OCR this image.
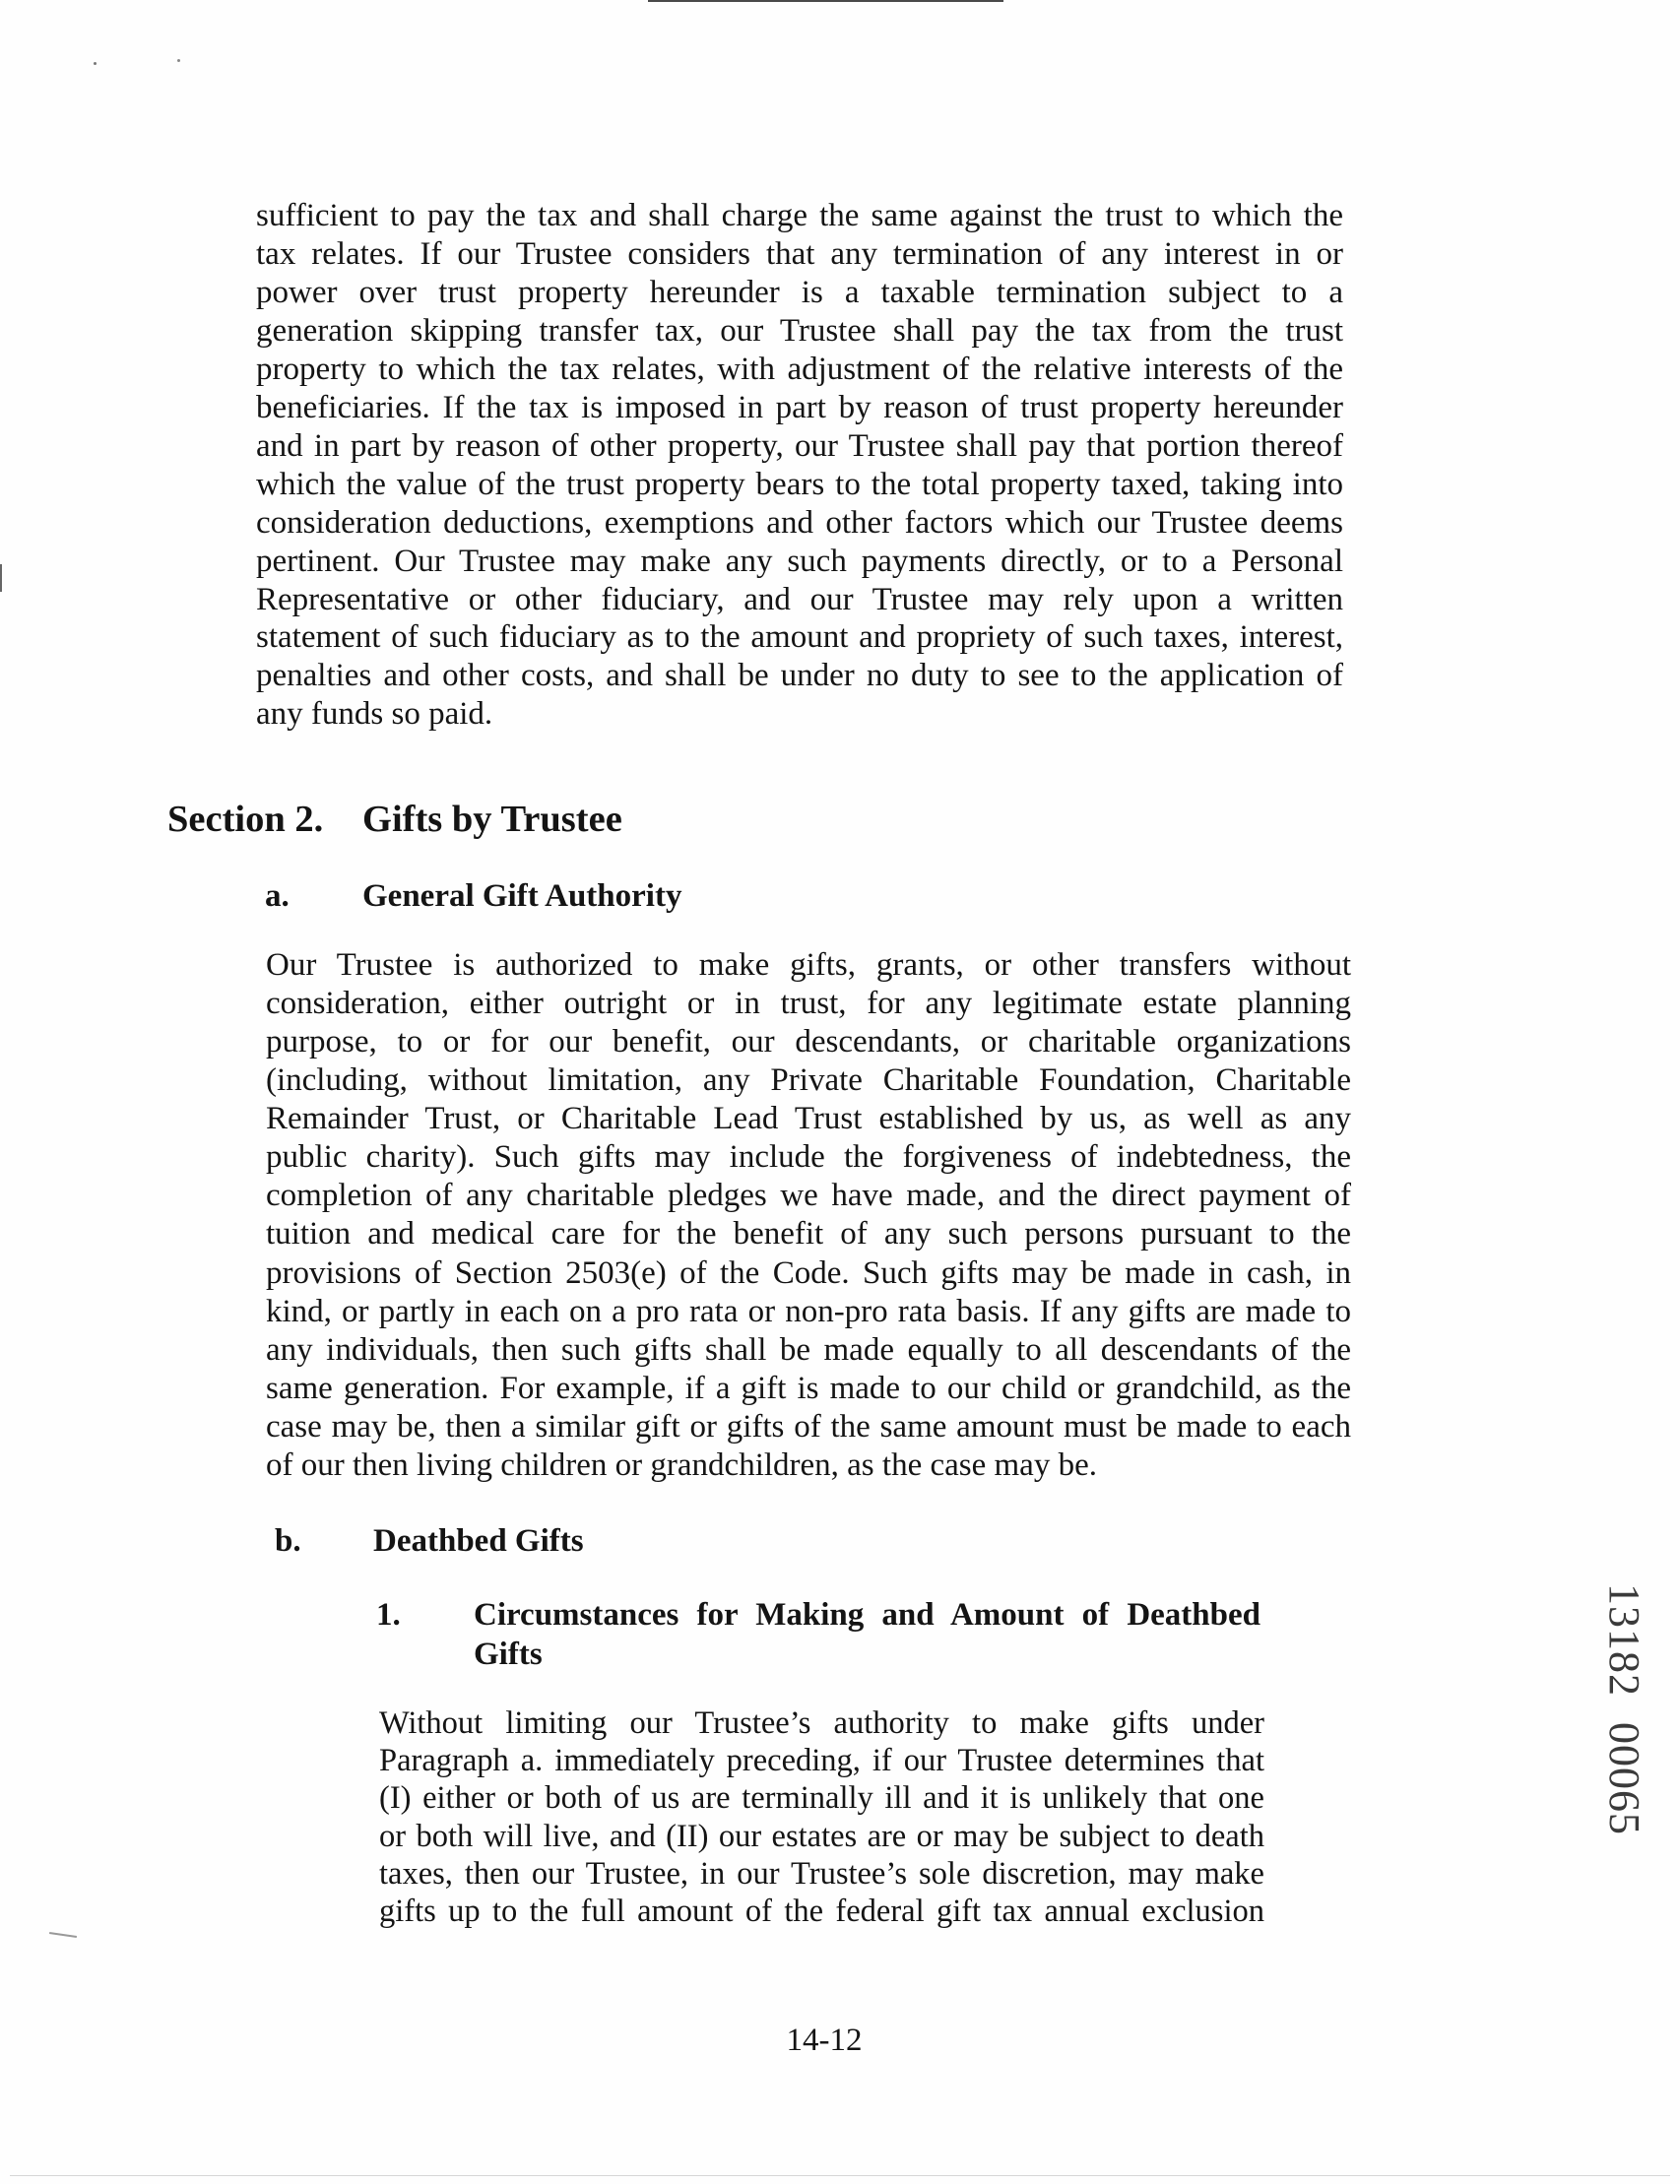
sufficient to pay the tax and shall charge the same against the trust to which the
tax relates. If our Trustee considers that any termination of any interest in or
power over trust property hereunder is a taxable termination subject to a
generation skipping transfer tax, our Trustee shall pay the tax from the trust
property to which the tax relates, with adjustment of the relative interests of the
beneficiaries. If the tax is imposed in part by reason of trust property hereunder
and in part by reason of other property, our Trustee shall pay that portion thereof
which the value of the trust property bears to the total property taxed, taking into
consideration deductions, exemptions and other factors which our Trustee deems
pertinent. Our Trustee may make any such payments directly, or to a Personal
Representative or other fiduciary, and our Trustee may rely upon a written
statement of such fiduciary as to the amount and propriety of such taxes, interest,
penalties and other costs, and shall be under no duty to see to the application of
any funds so paid.
Section 2. Gifts by Trustee
a. General Gift Authority
Our Trustee is authorized to make gifts, grants, or other transfers without
consideration, either outright or in trust, for any legitimate estate planning
purpose, to or for our benefit, our descendants, or charitable organizations
(including, without limitation, any Private Charitable Foundation, Charitable
Remainder Trust, or Charitable Lead Trust established by us, as well as any
public charity). Such gifts may include the forgiveness of indebtedness, the
completion of any charitable pledges we have made, and the direct payment of
tuition and medical care for the benefit of any such persons pursuant to the
provisions of Section 2503(e) of the Code. Such gifts may be made in cash, in
kind, or partly in each on a pro rata or non-pro rata basis. If any gifts are made to
any individuals, then such gifts shall be made equally to all descendants of the
same generation. For example, if a gift is made to our child or grandchild, as the
case may be, then a similar gift or gifts of the same amount must be made to each
of our then living children or grandchildren, as the case may be.
b. Deathbed Gifts
1. Circumstances for Making and Amount of Deathbed
Gifts
Without limiting our Trustee’s authority to make gifts under
Paragraph a. immediately preceding, if our Trustee determines that
(I) either or both of us are terminally ill and it is unlikely that one
or both will live, and (II) our estates are or may be subject to death
taxes, then our Trustee, in our Trustee’s sole discretion, may make
gifts up to the full amount of the federal gift tax annual exclusion
14-12
13182 00065
